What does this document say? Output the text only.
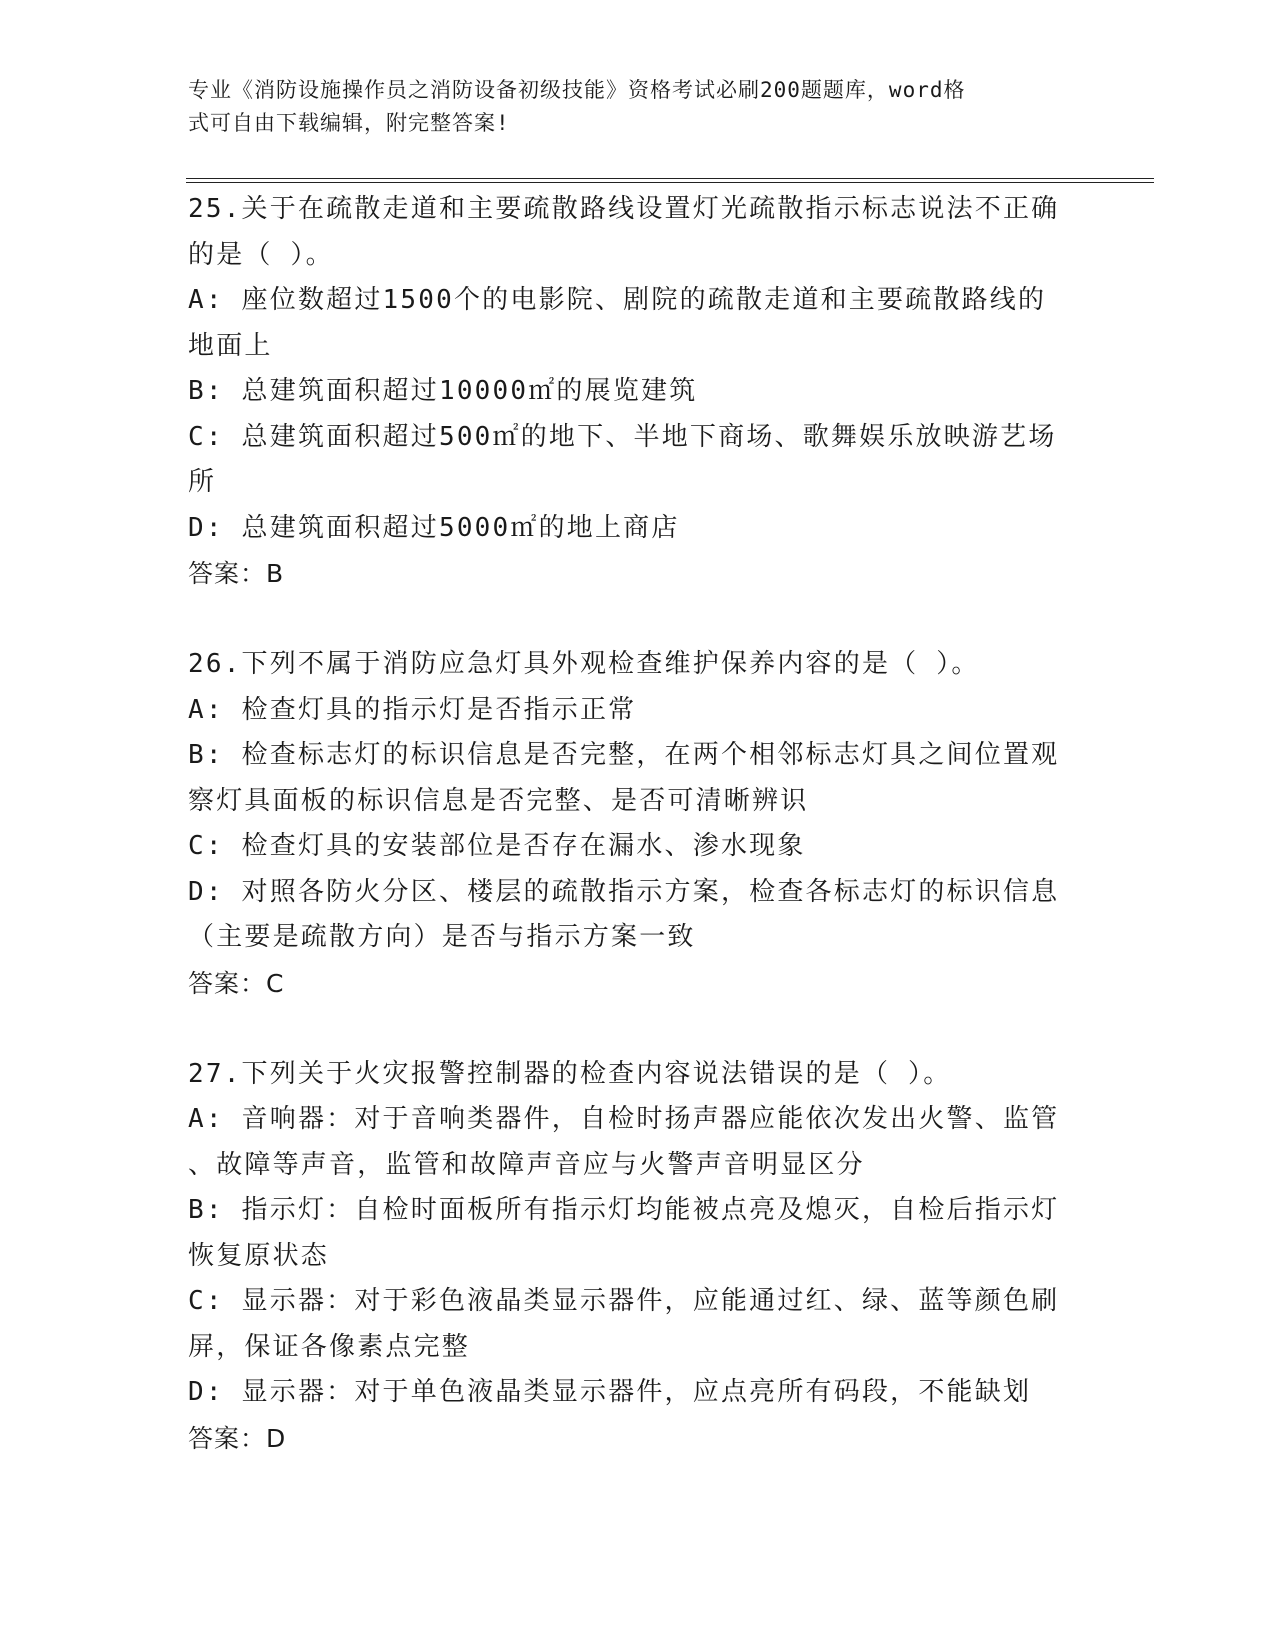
专业《消防设施操作员之消防设备初级技能》资格考试必刷200题题库，word格
式可自由下载编辑，附完整答案!
25.关于在疏散走道和主要疏散路线设置灯光疏散指示标志说法不正确
的是（ ）。
A: 座位数超过1500个的电影院、剧院的疏散走道和主要疏散路线的
地面上
B: 总建筑面积超过10000㎡的展览建筑
C: 总建筑面积超过500㎡的地下、半地下商场、歌舞娱乐放映游艺场
所
D: 总建筑面积超过5000㎡的地上商店
答案：B
26.下列不属于消防应急灯具外观检查维护保养内容的是（ ）。
A: 检查灯具的指示灯是否指示正常
B: 检查标志灯的标识信息是否完整，在两个相邻标志灯具之间位置观
察灯具面板的标识信息是否完整、是否可清晰辨识
C: 检查灯具的安装部位是否存在漏水、渗水现象
D: 对照各防火分区、楼层的疏散指示方案，检查各标志灯的标识信息
（主要是疏散方向）是否与指示方案一致
答案：C
27.下列关于火灾报警控制器的检查内容说法错误的是（ ）。
A: 音响器：对于音响类器件，自检时扬声器应能依次发出火警、监管
、故障等声音，监管和故障声音应与火警声音明显区分
B: 指示灯：自检时面板所有指示灯均能被点亮及熄灭，自检后指示灯
恢复原状态
C: 显示器：对于彩色液晶类显示器件，应能通过红、绿、蓝等颜色刷
屏，保证各像素点完整
D: 显示器：对于单色液晶类显示器件，应点亮所有码段，不能缺划
答案：D
